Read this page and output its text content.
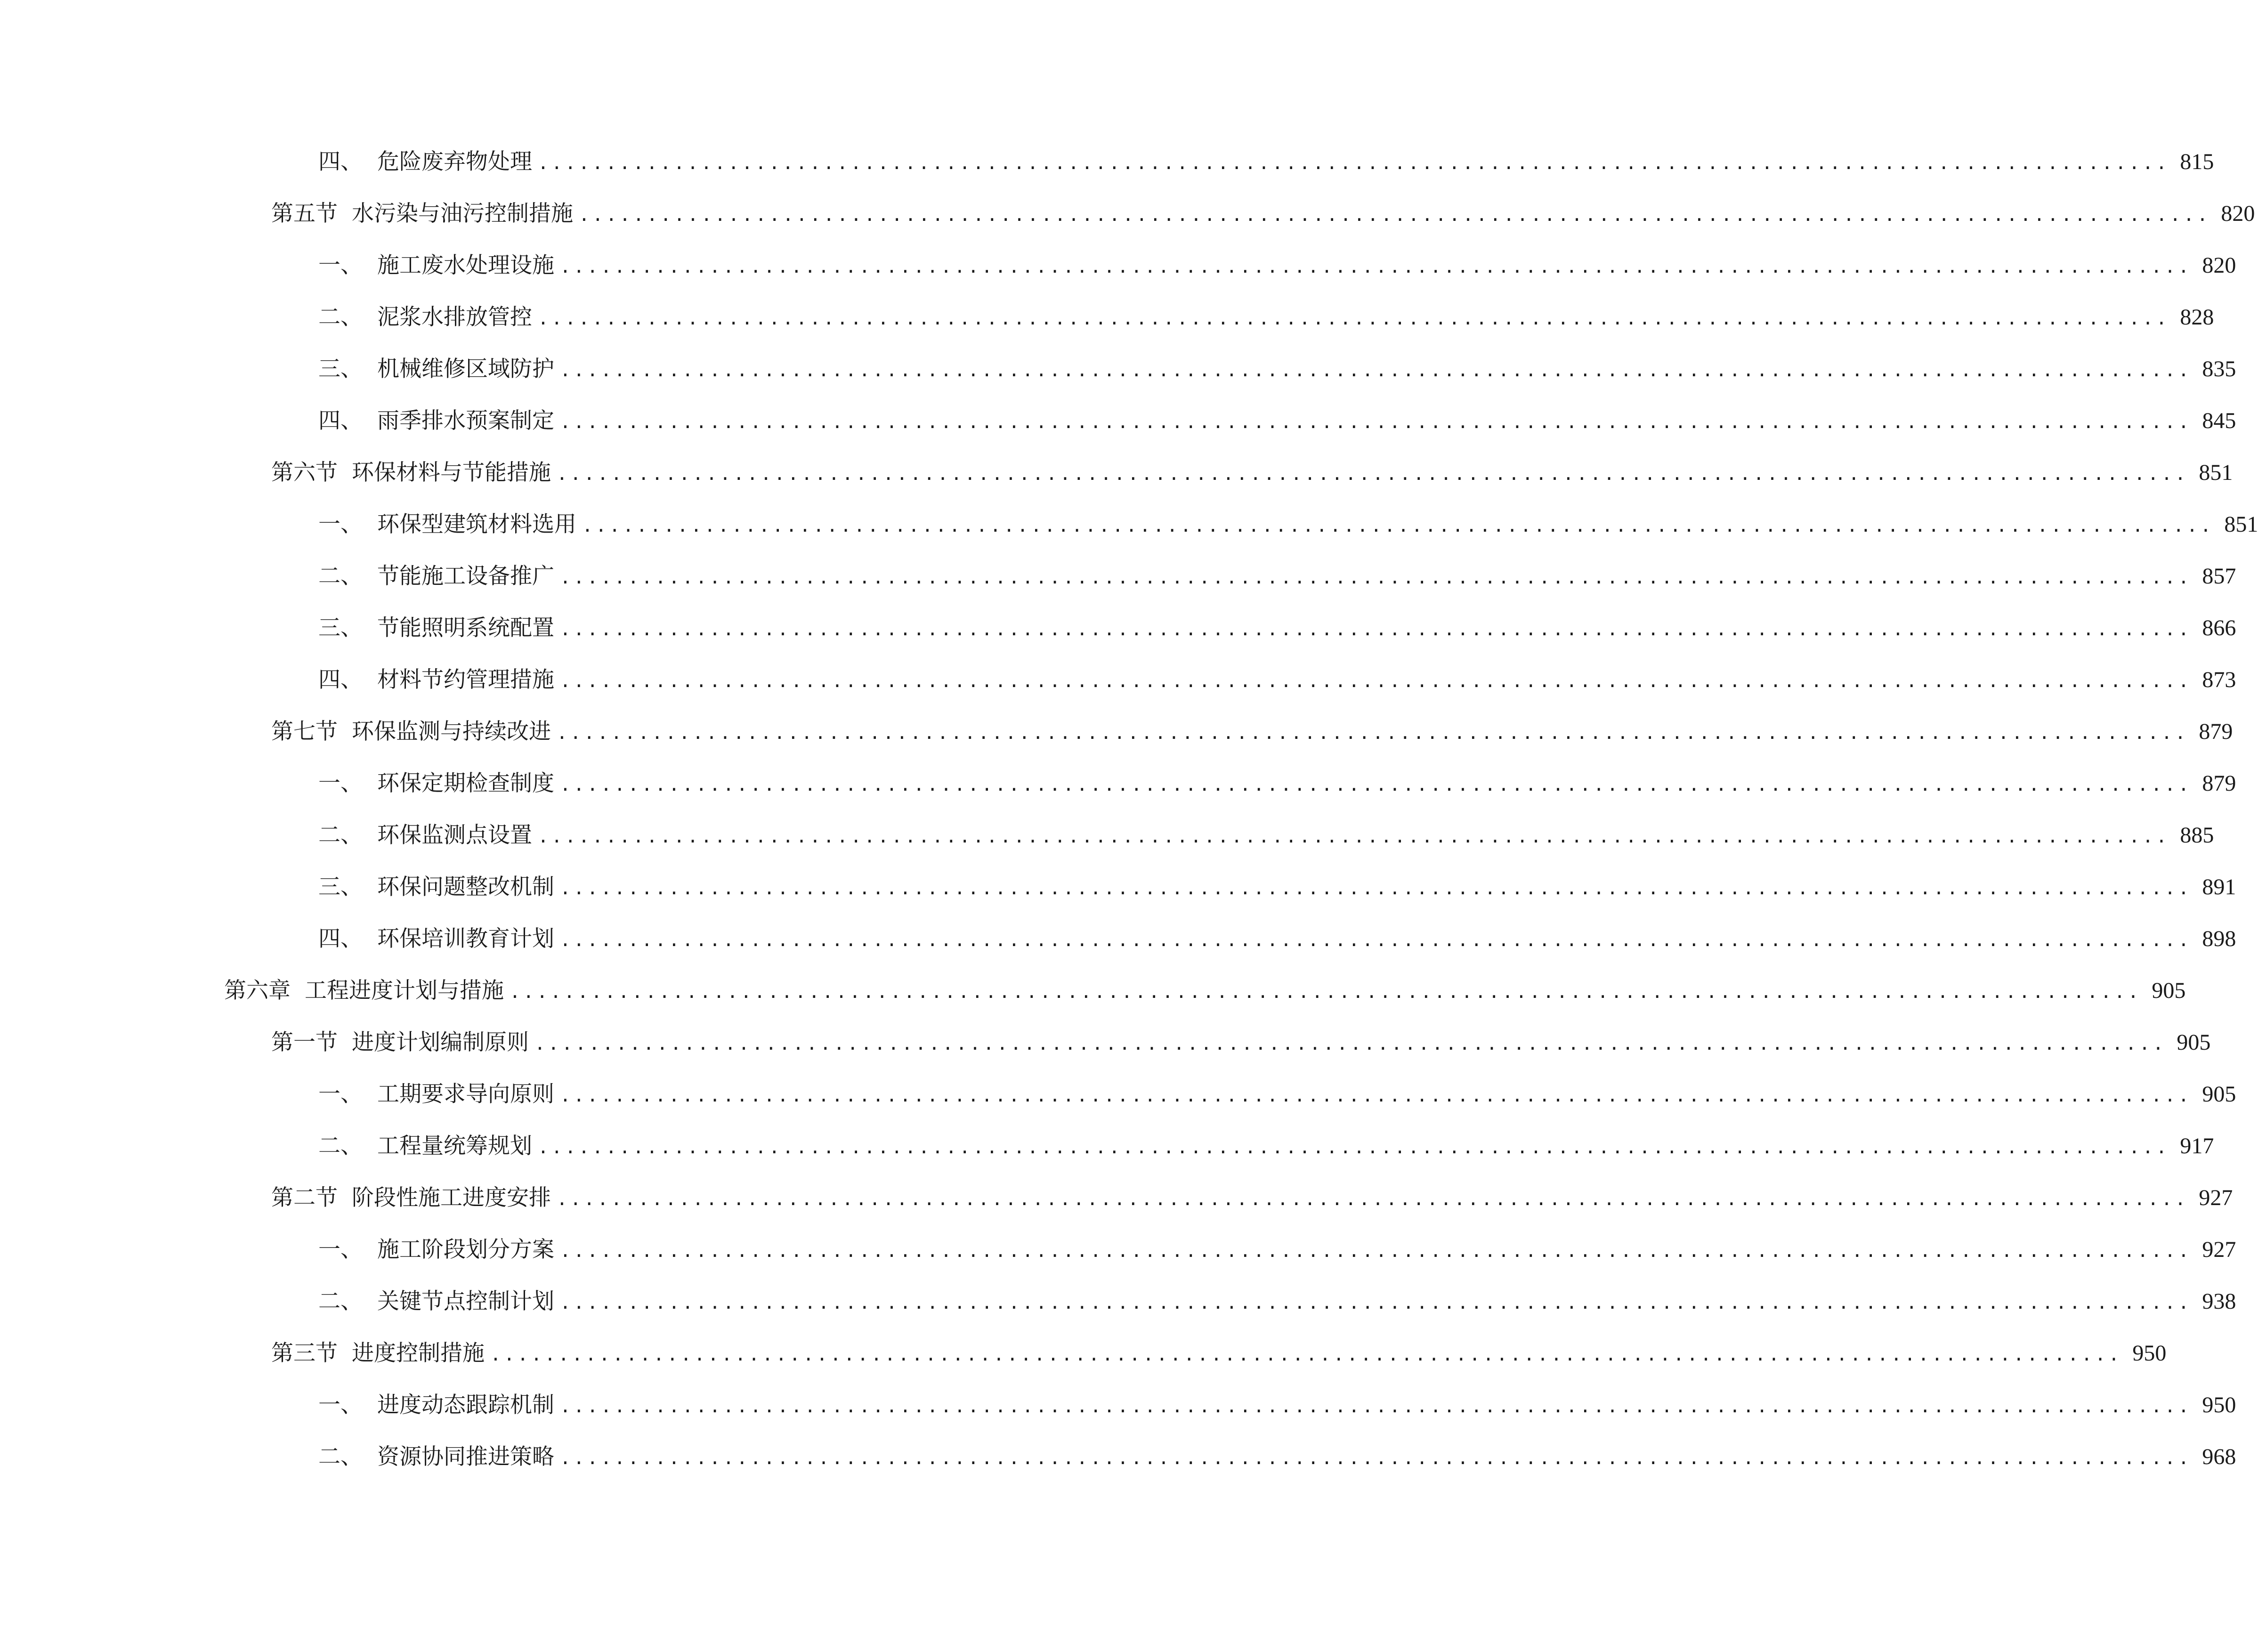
四、 危险废弃物处理 ........................................................................................................................ 815
第五节 水污染与油污控制措施 ........................................................................................................................ 820
一、 施工废水处理设施 ........................................................................................................................ 820
二、 泥浆水排放管控 ........................................................................................................................ 828
三、 机械维修区域防护 ........................................................................................................................ 835
四、 雨季排水预案制定 ........................................................................................................................ 845
第六节 环保材料与节能措施 ........................................................................................................................ 851
一、 环保型建筑材料选用 ........................................................................................................................ 851
二、 节能施工设备推广 ........................................................................................................................ 857
三、 节能照明系统配置 ........................................................................................................................ 866
四、 材料节约管理措施 ........................................................................................................................ 873
第七节 环保监测与持续改进 ........................................................................................................................ 879
一、 环保定期检查制度 ........................................................................................................................ 879
二、 环保监测点设置 ........................................................................................................................ 885
三、 环保问题整改机制 ........................................................................................................................ 891
四、 环保培训教育计划 ........................................................................................................................ 898
第六章 工程进度计划与措施 ........................................................................................................................ 905
第一节 进度计划编制原则 ........................................................................................................................ 905
一、 工期要求导向原则 ........................................................................................................................ 905
二、 工程量统筹规划 ........................................................................................................................ 917
第二节 阶段性施工进度安排 ........................................................................................................................ 927
一、 施工阶段划分方案 ........................................................................................................................ 927
二、 关键节点控制计划 ........................................................................................................................ 938
第三节 进度控制措施 ........................................................................................................................ 950
一、 进度动态跟踪机制 ........................................................................................................................ 950
二、 资源协同推进策略 ........................................................................................................................ 968
